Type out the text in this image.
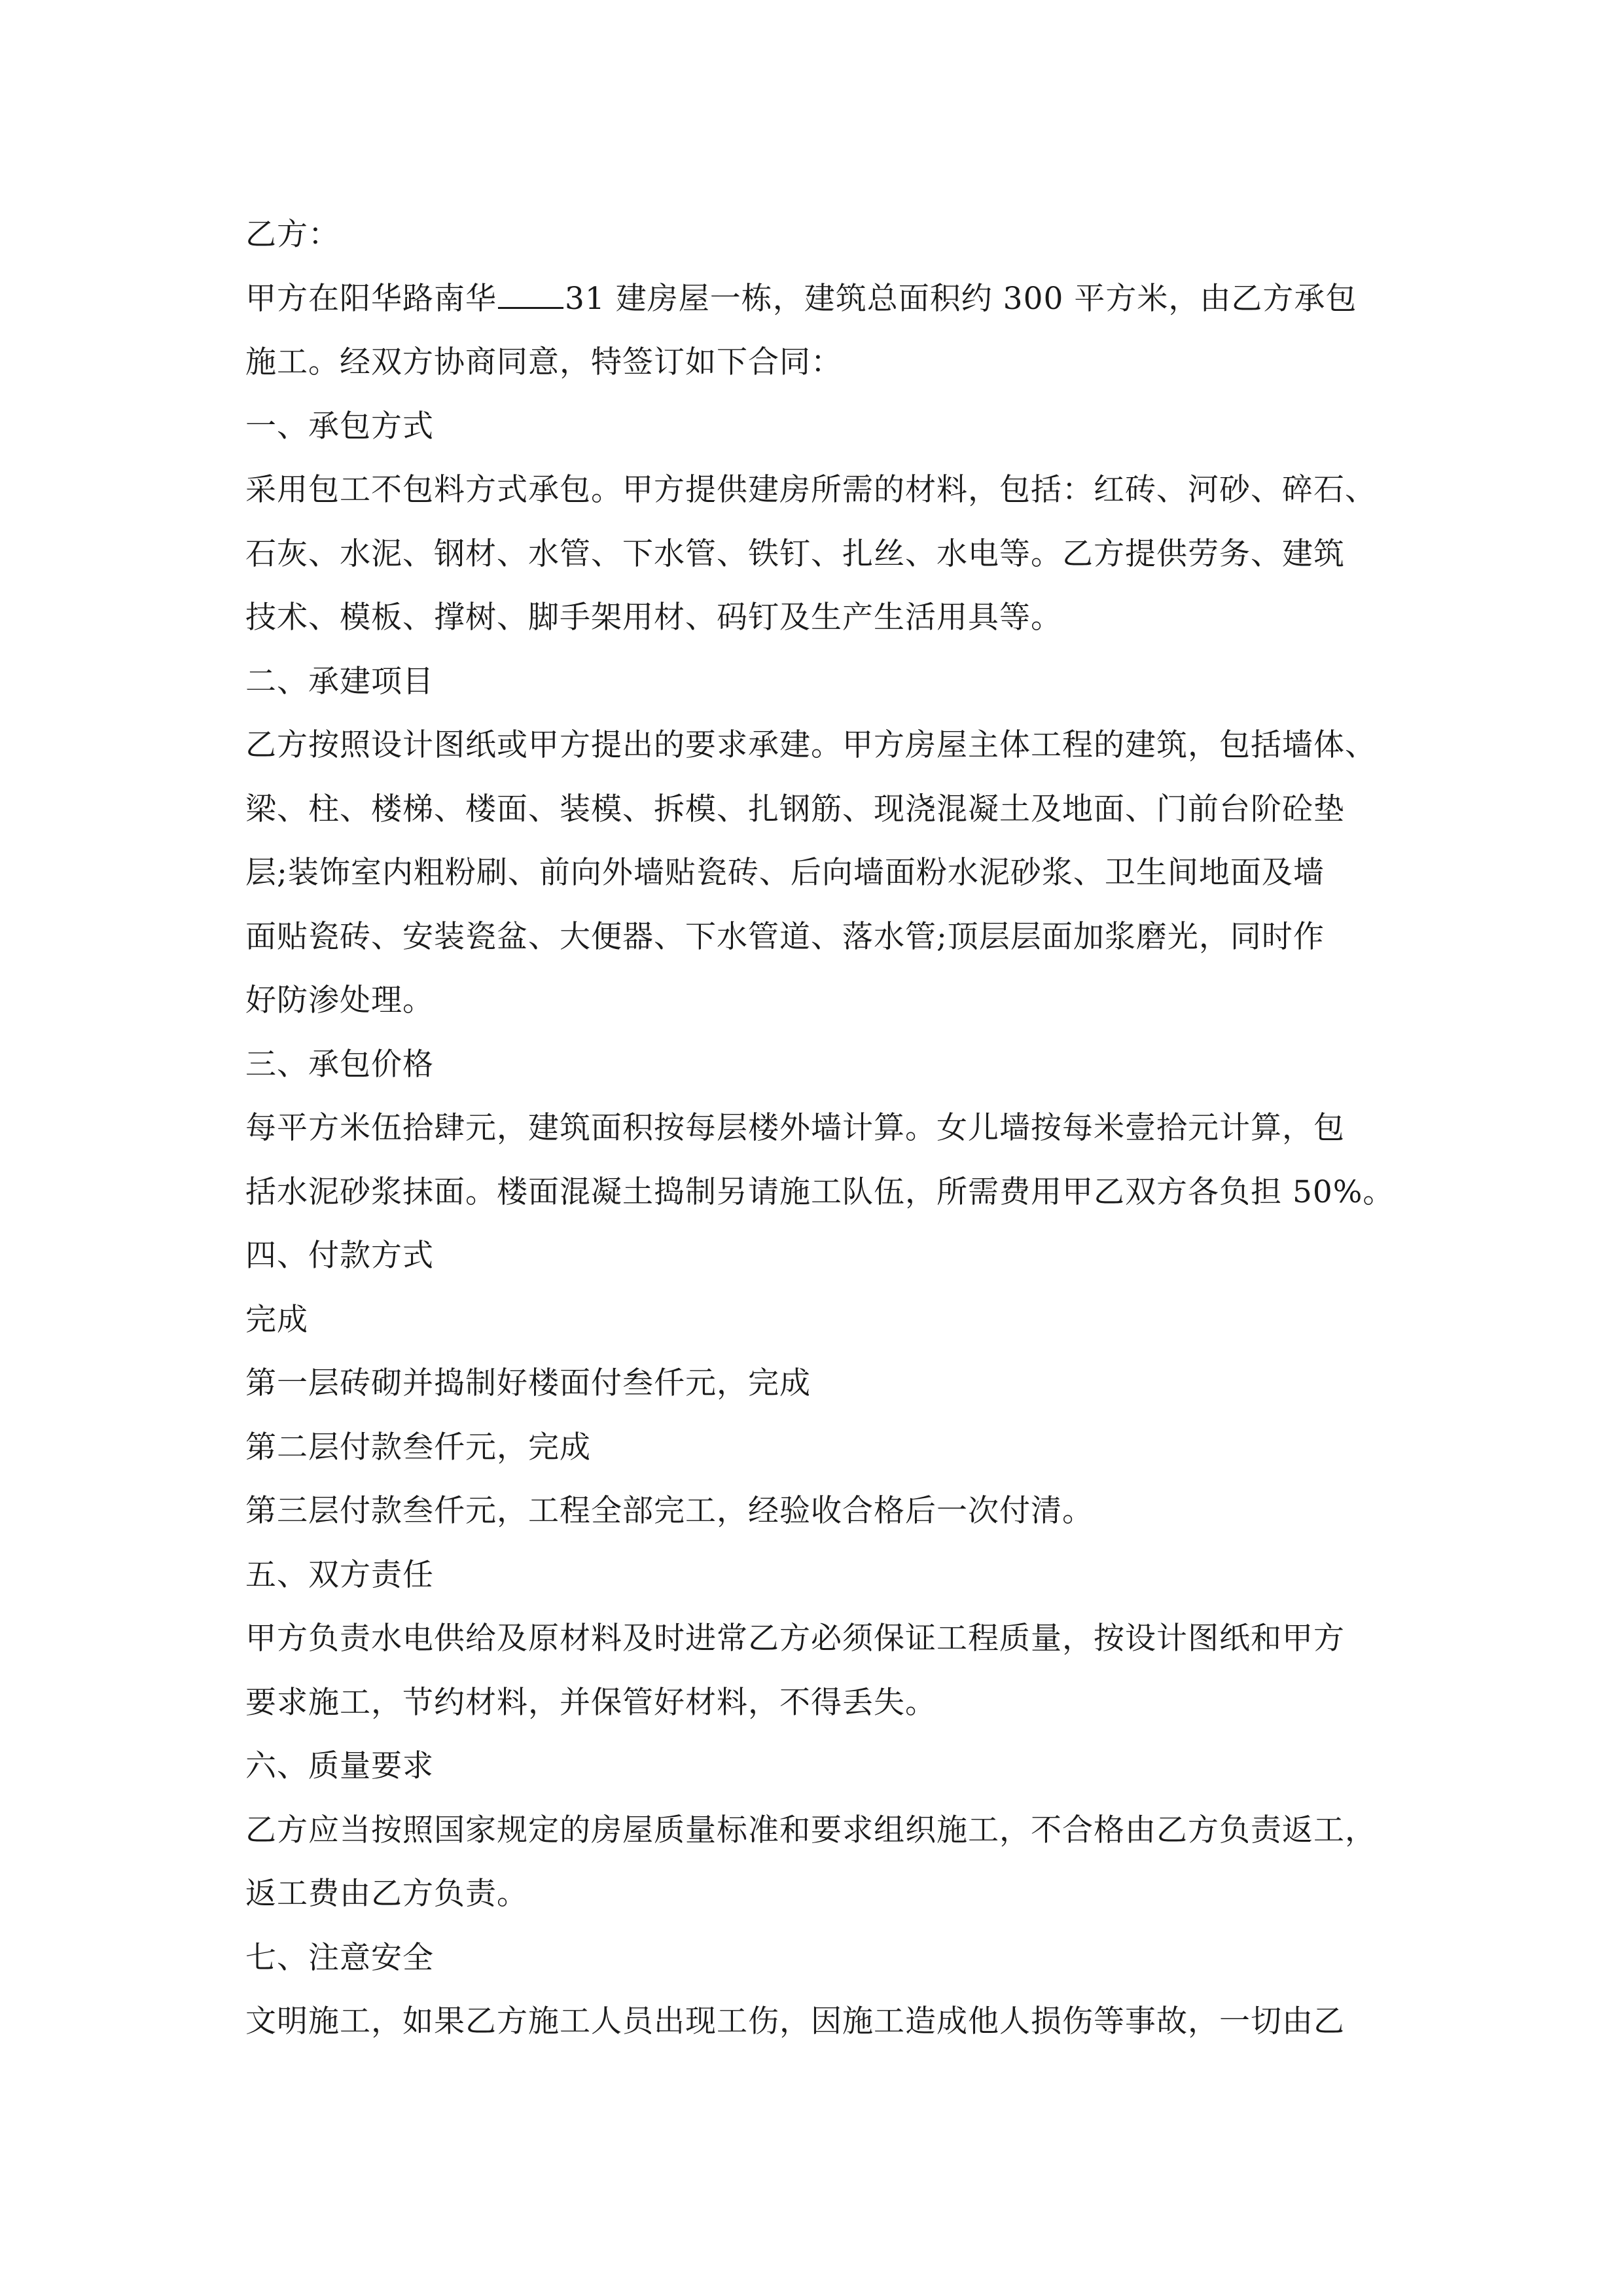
乙方：
甲方在阳华路南华 31 建房屋一栋，建筑总面积约 300 平方米，由乙方承包
施工。经双方协商同意，特签订如下合同：
一、承包方式
采用包工不包料方式承包。甲方提供建房所需的材料，包括：红砖、河砂、碎石、
石灰、水泥、钢材、水管、下水管、铁钉、扎丝、水电等。乙方提供劳务、建筑
技术、模板、撑树、脚手架用材、码钉及生产生活用具等。
二、承建项目
乙方按照设计图纸或甲方提出的要求承建。甲方房屋主体工程的建筑，包括墙体、
梁、柱、楼梯、楼面、装模、拆模、扎钢筋、现浇混凝土及地面、门前台阶砼垫
层;装饰室内粗粉刷、前向外墙贴瓷砖、后向墙面粉水泥砂浆、卫生间地面及墙
面贴瓷砖、安装瓷盆、大便器、下水管道、落水管;顶层层面加浆磨光，同时作
好防渗处理。
三、承包价格
每平方米伍拾肆元，建筑面积按每层楼外墙计算。女儿墙按每米壹拾元计算，包
括水泥砂浆抹面。楼面混凝土捣制另请施工队伍，所需费用甲乙双方各负担 50%。
四、付款方式
完成
第一层砖砌并捣制好楼面付叁仟元，完成
第二层付款叁仟元，完成
第三层付款叁仟元，工程全部完工，经验收合格后一次付清。
五、双方责任
甲方负责水电供给及原材料及时进常乙方必须保证工程质量，按设计图纸和甲方
要求施工，节约材料，并保管好材料，不得丢失。
六、质量要求
乙方应当按照国家规定的房屋质量标准和要求组织施工，不合格由乙方负责返工，
返工费由乙方负责。
七、注意安全
文明施工，如果乙方施工人员出现工伤，因施工造成他人损伤等事故，一切由乙
